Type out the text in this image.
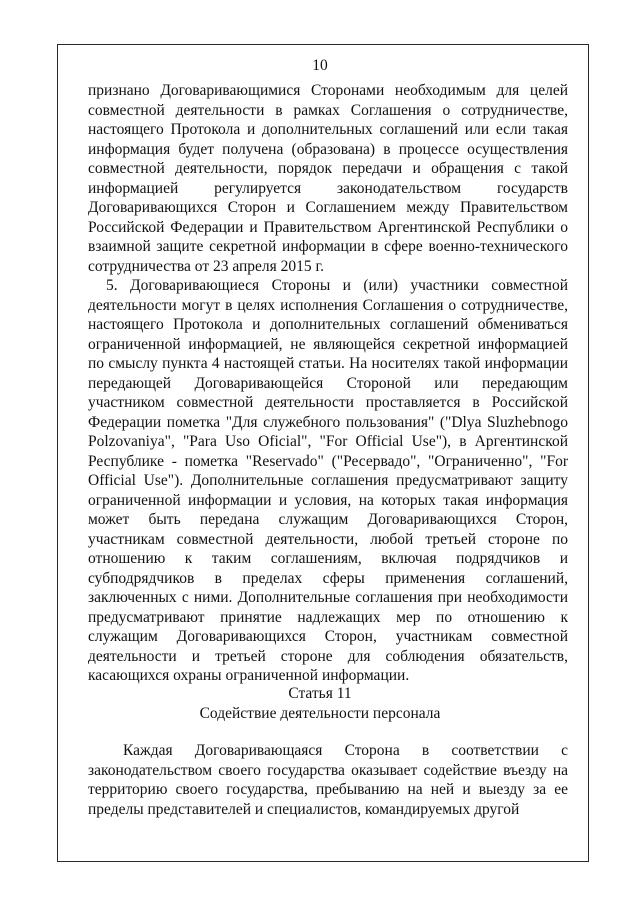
10

признано Договаривающимися Сторонами необходимым для целей совместной деятельности в рамках Соглашения о сотрудничестве, настоящего Протокола и дополнительных соглашений или если такая информация будет получена (образована) в процессе осуществления совместной деятельности, порядок передачи и обращения с такой информацией регулируется законодательством государств Договаривающихся Сторон и Соглашением между Правительством Российской Федерации и Правительством Аргентинской Республики о взаимной защите секретной информации в сфере военно-технического сотрудничества от 23 апреля 2015 г.

5. Договаривающиеся Стороны и (или) участники совместной деятельности могут в целях исполнения Соглашения о сотрудничестве, настоящего Протокола и дополнительных соглашений обмениваться ограниченной информацией, не являющейся секретной информацией по смыслу пункта 4 настоящей статьи. На носителях такой информации передающей Договаривающейся Стороной или передающим участником совместной деятельности проставляется в Российской Федерации пометка "Для служебного пользования" ("Dlya Sluzhebnogo Polzovaniya", "Para Uso Oficial", "For Official Use"), в Аргентинской Республике - пометка "Reservado" ("Ресервадо", "Ограниченно", "For Official Use"). Дополнительные соглашения предусматривают защиту ограниченной информации и условия, на которых такая информация может быть передана служащим Договаривающихся Сторон, участникам совместной деятельности, любой третьей стороне по отношению к таким соглашениям, включая подрядчиков и субподрядчиков в пределах сферы применения соглашений, заключенных с ними. Дополнительные соглашения при необходимости предусматривают принятие надлежащих мер по отношению к служащим Договаривающихся Сторон, участникам совместной деятельности и третьей стороне для соблюдения обязательств, касающихся охраны ограниченной информации.

Статья 11
Содействие деятельности персонала

Каждая Договаривающаяся Сторона в соответствии с законодательством своего государства оказывает содействие въезду на территорию своего государства, пребыванию на ней и выезду за ее пределы представителей и специалистов, командируемых другой
